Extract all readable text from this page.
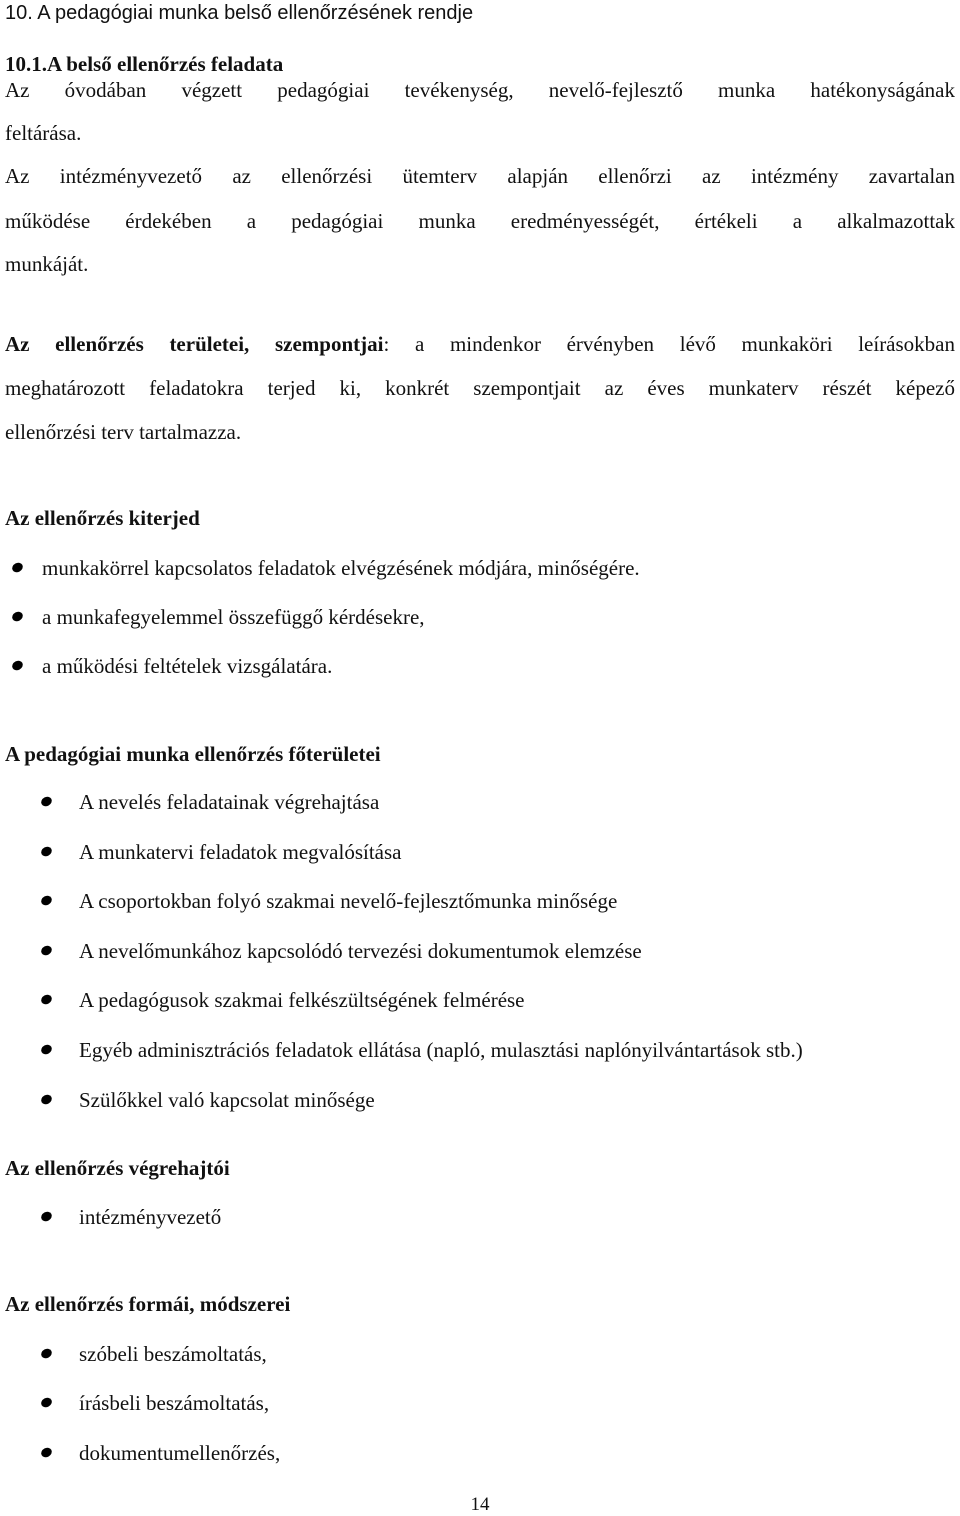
10. A pedagógiai munka belső ellenőrzésének rendje
10.1.A belső ellenőrzés feladata
Az óvodában végzett pedagógiai tevékenység, nevelő-fejlesztő munka hatékonyságának
feltárása.
Az intézményvezető az ellenőrzési ütemterv alapján ellenőrzi az intézmény zavartalan
működése érdekében a pedagógiai munka eredményességét, értékeli a alkalmazottak
munkáját.
Az ellenőrzés területei, szempontjai: a mindenkor érvényben lévő munkaköri leírásokban
meghatározott feladatokra terjed ki, konkrét szempontjait az éves munkaterv részét képező
ellenőrzési terv tartalmazza.
Az ellenőrzés kiterjed
munkakörrel kapcsolatos feladatok elvégzésének módjára, minőségére.
a munkafegyelemmel összefüggő kérdésekre,
a működési feltételek vizsgálatára.
A pedagógiai munka ellenőrzés főterületei
A nevelés feladatainak végrehajtása
A munkatervi feladatok megvalósítása
A csoportokban folyó szakmai nevelő-fejlesztőmunka minősége
A nevelőmunkához kapcsolódó tervezési dokumentumok elemzése
A pedagógusok szakmai felkészültségének felmérése
Egyéb adminisztrációs feladatok ellátása (napló, mulasztási naplónyilvántartások stb.)
Szülőkkel való kapcsolat minősége
Az ellenőrzés végrehajtói
intézményvezető
Az ellenőrzés formái, módszerei
szóbeli beszámoltatás,
írásbeli beszámoltatás,
dokumentumellenőrzés,
14
